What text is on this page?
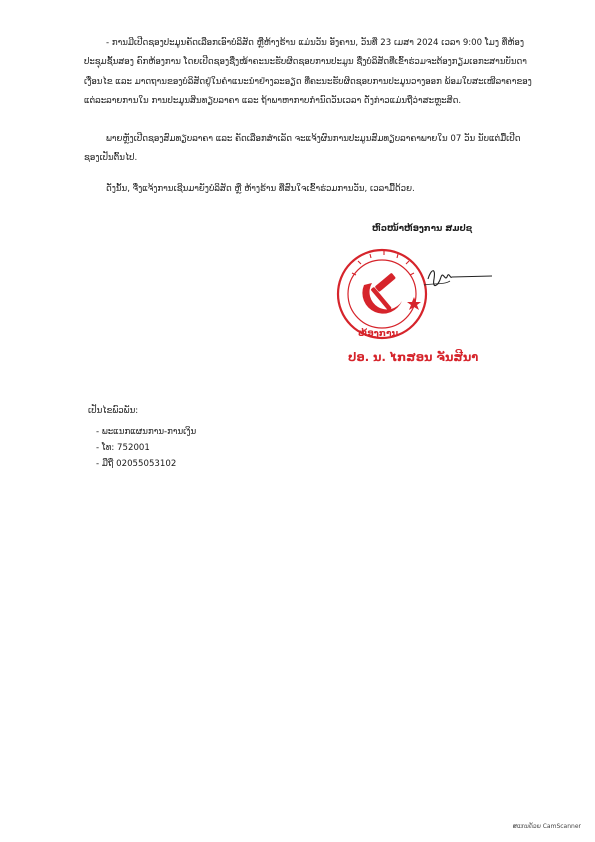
- ການມີເປີດຊອງປະມູນຄັດເລືອກເອົາບໍລິສັດ ຫຼືຫ້າງຮ້ານ ແມ່ນວັນ ອັງຄານ, ວັນທີ່ 23 ເມສາ 2024 ເວລາ 9:00 ໂມງ ທີ່ຫ້ອງປະຊຸມຊັ້ນສອງ ຄົກຫ້ອງການ ໂດຍເປີດຊອງຊື່ງໜ້າຄະນະຮັບຜິດຊອບການປະມູນ ຊື່ງບໍລິສັດທີ່ເຂົ້າຮ່ວມຈະຕ້ອງກຽມເອກະສານບັນດາເງື່ອນໄຂ ແລະ ມາດຖານຂອງບໍລິສັດຢູ່ໃນຄຳແນະນຳຢ່າງລະອຽດ ທີ່ຄະນະຮັບຜິດຊອບການປະມູນວາງອອກ ພ້ອມໃບສະເໜີລາຄາຂອງແຕ່ລະລາຍການໃນ ການປະມູນສິນທຽບລາຄາ ແລະ ຖ້າພາຫາກາບກໍານົດວັນເວລາ ດັ່ງກ່າວແມ່ນຖືວ່າສະຫຼະສິດ.

ພາຍຫຼັງເປີດຊອງສົມທຽບລາຄາ ແລະ ຄັດເລືອກສຳເລັດ ຈະແຈ້ງຜົນການປະມູນສົມທຽບລາຄາພາຍໃນ 07 ວັນ ນັບແຕ່ມື້ເປີດຊອງເປັນຕົ້ນໄປ.

ດັ່ງນັ້ນ, ຈື່ງແຈ້ງການເຊີນມາຍັງບໍລິສັດ ຫຼື ຫ້າງຮ້ານ ທີ່ສົນໃຈເຂົ້າຮ່ວມການວັນ, ເວລາມື້ດ້ວຍ.

ຫົວໜ້າຫ້ອງການ ສມປຊ
ຫ້ອງການ
ປອ. ນ. ໄກສອນ ຈັນສີນາ
ເປັນໄຂພົວພັນ:
- ພະແນກແຜນການ-ການເງິນ
- ໂທ: 752001
- ມືຖື 02055053102
ສແກນດ້ວຍ CamScanner
